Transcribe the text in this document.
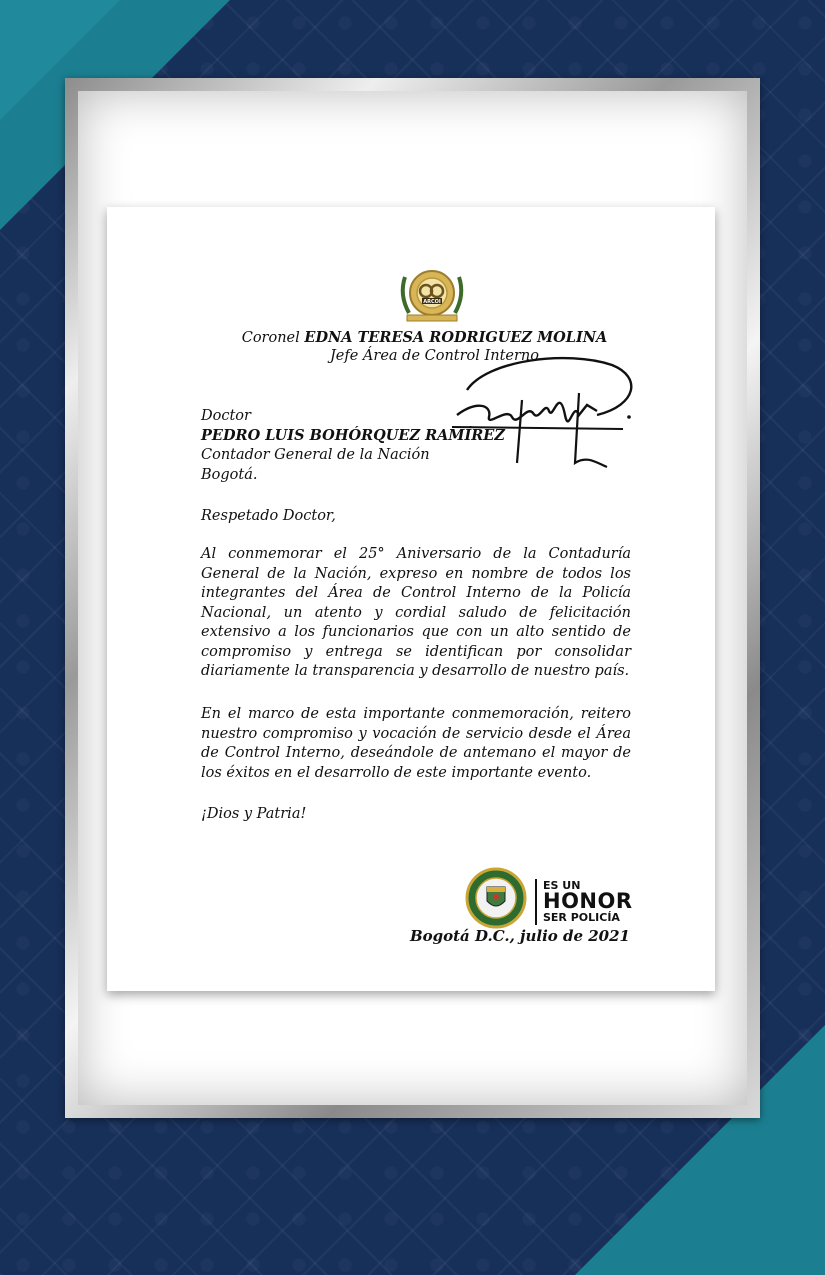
ARCOI
Coronel EDNA TERESA RODRIGUEZ MOLINA
Jefe Área de Control Interno
Doctor
PEDRO LUIS BOHÓRQUEZ RAMÍREZ
Contador General de la Nación
Bogotá.
Respetado Doctor,
Al conmemorar el 25° Aniversario de la Contaduría General de la Nación, expreso en nombre de todos los integrantes del Área de Control Interno de la Policía Nacional, un atento y cordial saludo de felicitación extensivo a los funcionarios que con un alto sentido de compromiso y entrega se identifican por consolidar diariamente la transparencia y desarrollo de nuestro país.
En el marco de esta importante conmemoración, reitero nuestro compromiso y vocación de servicio desde el Área de Control Interno, deseándole de antemano el mayor de los éxitos en el desarrollo de este importante evento.
¡Dios y Patria!
ES UN
HONOR
SER POLICÍA
Bogotá D.C., julio de 2021
